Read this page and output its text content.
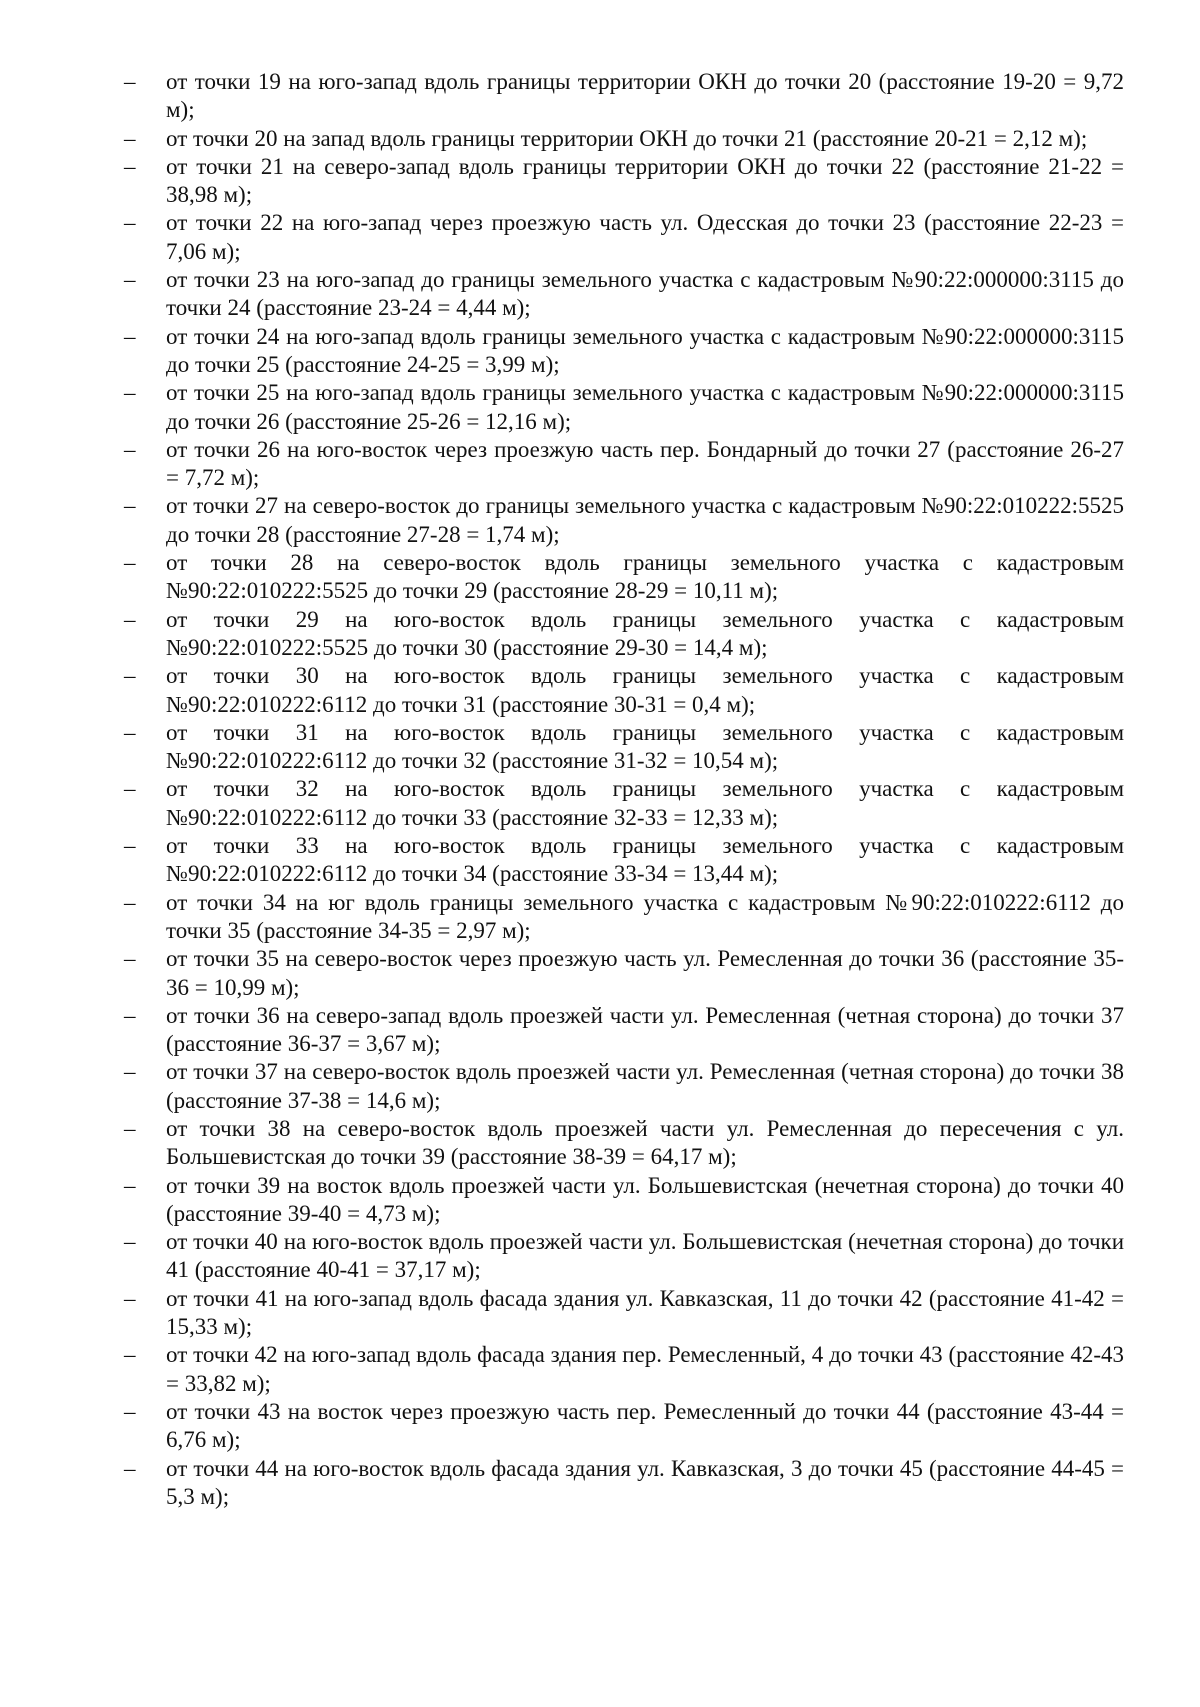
–	от точки 19 на юго-запад вдоль границы территории ОКН до точки 20 (расстояние 19-20 = 9,72 м);
–	от точки 20 на запад вдоль границы территории ОКН до точки 21 (расстояние 20-21 = 2,12 м);
–	от точки 21 на северо-запад вдоль границы территории ОКН до точки 22 (расстояние 21-22 = 38,98 м);
–	от точки 22 на юго-запад через проезжую часть ул. Одесская до точки 23 (расстояние 22-23 = 7,06 м);
–	от точки 23 на юго-запад до границы земельного участка с кадастровым №90:22:000000:3115 до точки 24 (расстояние 23-24 = 4,44 м);
–	от точки 24 на юго-запад вдоль границы земельного участка с кадастровым №90:22:000000:3115 до точки 25 (расстояние 24-25 = 3,99 м);
–	от точки 25 на юго-запад вдоль границы земельного участка с кадастровым №90:22:000000:3115 до точки 26 (расстояние 25-26 = 12,16 м);
–	от точки 26 на юго-восток через проезжую часть пер. Бондарный до точки 27 (расстояние 26-27 = 7,72 м);
–	от точки 27 на северо-восток до границы земельного участка с кадастровым №90:22:010222:5525 до точки 28 (расстояние 27-28 = 1,74 м);
–	от точки 28 на северо-восток вдоль границы земельного участка с кадастровым №90:22:010222:5525 до точки 29 (расстояние 28-29 = 10,11 м);
–	от точки 29 на юго-восток вдоль границы земельного участка с кадастровым №90:22:010222:5525 до точки 30 (расстояние 29-30 = 14,4 м);
–	от точки 30 на юго-восток вдоль границы земельного участка с кадастровым №90:22:010222:6112 до точки 31 (расстояние 30-31 = 0,4 м);
–	от точки 31 на юго-восток вдоль границы земельного участка с кадастровым №90:22:010222:6112 до точки 32 (расстояние 31-32 = 10,54 м);
–	от точки 32 на юго-восток вдоль границы земельного участка с кадастровым №90:22:010222:6112 до точки 33 (расстояние 32-33 = 12,33 м);
–	от точки 33 на юго-восток вдоль границы земельного участка с кадастровым №90:22:010222:6112 до точки 34 (расстояние 33-34 = 13,44 м);
–	от точки 34 на юг вдоль границы земельного участка с кадастровым №90:22:010222:6112 до точки 35 (расстояние 34-35 = 2,97 м);
–	от точки 35 на северо-восток через проезжую часть ул. Ремесленная до точки 36 (расстояние 35-36 = 10,99 м);
–	от точки 36 на северо-запад вдоль проезжей части ул. Ремесленная (четная сторона) до точки 37 (расстояние 36-37 = 3,67 м);
–	от точки 37 на северо-восток вдоль проезжей части ул. Ремесленная (четная сторона) до точки 38 (расстояние 37-38 = 14,6 м);
–	от точки 38 на северо-восток вдоль проезжей части ул. Ремесленная до пересечения с ул. Большевистская до точки 39 (расстояние 38-39 = 64,17 м);
–	от точки 39 на восток вдоль проезжей части ул. Большевистская (нечетная сторона) до точки 40 (расстояние 39-40 = 4,73 м);
–	от точки 40 на юго-восток вдоль проезжей части ул. Большевистская (нечетная сторона) до точки 41 (расстояние 40-41 = 37,17 м);
–	от точки 41 на юго-запад вдоль фасада здания ул. Кавказская, 11 до точки 42 (расстояние 41-42 = 15,33 м);
–	от точки 42 на юго-запад вдоль фасада здания пер. Ремесленный, 4 до точки 43 (расстояние 42-43 = 33,82 м);
–	от точки 43 на восток через проезжую часть пер. Ремесленный до точки 44 (расстояние 43-44 = 6,76 м);
–	от точки 44 на юго-восток вдоль фасада здания ул. Кавказская, 3 до точки 45 (расстояние 44-45 = 5,3 м);
